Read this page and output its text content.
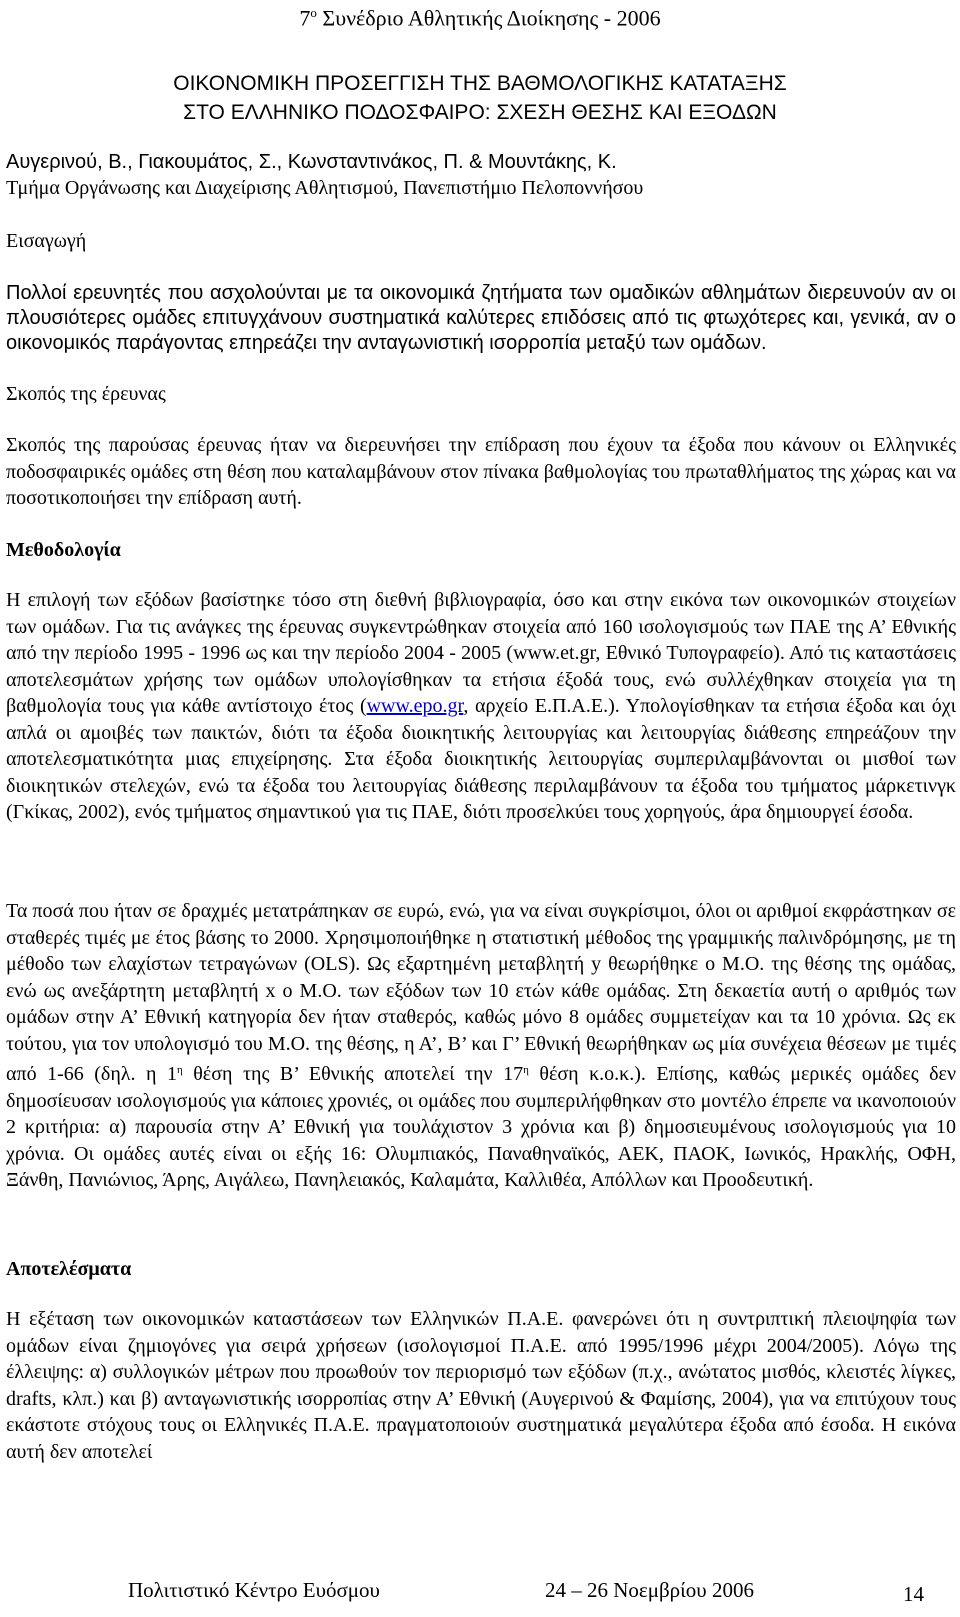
$7^o$ Συνέδριο Αθλητικής Διοίκησης - 2006
ΟΙΚΟΝΟΜΙΚΗ ΠΡΟΣΕΓΓΙΣΗ ΤΗΣ ΒΑΘΜΟΛΟΓΙΚΗΣ ΚΑΤΑΤΑΞΗΣ
ΣΤΟ ΕΛΛΗΝΙΚΟ ΠΟΔΟΣΦΑΙΡΟ: ΣΧΕΣΗ ΘΕΣΗΣ ΚΑΙ ΕΞΟΔΩΝ
Αυγερινού, Β., Γιακουμάτος, Σ., Κωνσταντινάκος, Π. & Μουντάκης, Κ.
Τμήμα Οργάνωσης και Διαχείρισης Αθλητισμού, Πανεπιστήμιο Πελοποννήσου
Εισαγωγή
Πολλοί ερευνητές που ασχολούνται με τα οικονομικά ζητήματα των ομαδικών αθλημάτων διερευνούν αν οι πλουσιότερες ομάδες επιτυγχάνουν συστηματικά καλύτερες επιδόσεις από τις φτωχότερες και, γενικά, αν ο οικονομικός παράγοντας επηρεάζει την ανταγωνιστική ισορροπία μεταξύ των ομάδων.
Σκοπός της έρευνας
Σκοπός της παρούσας έρευνας ήταν να διερευνήσει την επίδραση που έχουν τα έξοδα που κάνουν οι Ελληνικές ποδοσφαιρικές ομάδες στη θέση που καταλαμβάνουν στον πίνακα βαθμολογίας του πρωταθλήματος της χώρας και να ποσοτικοποιήσει την επίδραση αυτή.
Μεθοδολογία
Η επιλογή των εξόδων βασίστηκε τόσο στη διεθνή βιβλιογραφία, όσο και στην εικόνα των οικονομικών στοιχείων των ομάδων. Για τις ανάγκες της έρευνας συγκεντρώθηκαν στοιχεία από 160 ισολογισμούς των ΠΑΕ της Α’ Εθνικής από την περίοδο 1995 - 1996 ως και την περίοδο 2004 - 2005 (www.et.gr, Εθνικό Τυπογραφείο). Από τις καταστάσεις αποτελεσμάτων χρήσης των ομάδων υπολογίσθηκαν τα ετήσια έξοδά τους, ενώ συλλέχθηκαν στοιχεία για τη βαθμολογία τους για κάθε αντίστοιχο έτος (www.epo.gr, αρχείο Ε.Π.Α.Ε.). Υπολογίσθηκαν τα ετήσια έξοδα και όχι απλά οι αμοιβές των παικτών, διότι τα έξοδα διοικητικής λειτουργίας και λειτουργίας διάθεσης επηρεάζουν την αποτελεσματικότητα μιας επιχείρησης. Στα έξοδα διοικητικής λειτουργίας συμπεριλαμβάνονται οι μισθοί των διοικητικών στελεχών, ενώ τα έξοδα του λειτουργίας διάθεσης περιλαμβάνουν τα έξοδα του τμήματος μάρκετινγκ (Γκίκας, 2002), ενός τμήματος σημαντικού για τις ΠΑΕ, διότι προσελκύει τους χορηγούς, άρα δημιουργεί έσοδα.
Τα ποσά που ήταν σε δραχμές μετατράπηκαν σε ευρώ, ενώ, για να είναι συγκρίσιμοι, όλοι οι αριθμοί εκφράστηκαν σε σταθερές τιμές με έτος βάσης το 2000. Χρησιμοποιήθηκε η στατιστική μέθοδος της γραμμικής παλινδρόμησης, με τη μέθοδο των ελαχίστων τετραγώνων (OLS). Ως εξαρτημένη μεταβλητή y θεωρήθηκε ο Μ.Ο. της θέσης της ομάδας, ενώ ως ανεξάρτητη μεταβλητή x ο Μ.Ο. των εξόδων των 10 ετών κάθε ομάδας. Στη δεκαετία αυτή ο αριθμός των ομάδων στην Α’ Εθνική κατηγορία δεν ήταν σταθερός, καθώς μόνο 8 ομάδες συμμετείχαν και τα 10 χρόνια. Ως εκ τούτου, για τον υπολογισμό του Μ.Ο. της θέσης, η Α’, Β’ και Γ’ Εθνική θεωρήθηκαν ως μία συνέχεια θέσεων με τιμές από 1-66 (δηλ. η $1^\eta$ θέση της Β’ Εθνικής αποτελεί την $17^\eta$ θέση κ.ο.κ.). Επίσης, καθώς μερικές ομάδες δεν δημοσίευσαν ισολογισμούς για κάποιες χρονιές, οι ομάδες που συμπεριλήφθηκαν στο μοντέλο έπρεπε να ικανοποιούν 2 κριτήρια: α) παρουσία στην Α’ Εθνική για τουλάχιστον 3 χρόνια και β) δημοσιευμένους ισολογισμούς για 10 χρόνια. Οι ομάδες αυτές είναι οι εξής 16: Ολυμπιακός, Παναθηναϊκός, ΑΕΚ, ΠΑΟΚ, Ιωνικός, Ηρακλής, ΟΦΗ, Ξάνθη, Πανιώνιος, Άρης, Αιγάλεω, Πανηλειακός, Καλαμάτα, Καλλιθέα, Απόλλων και Προοδευτική.
Αποτελέσματα
Η εξέταση των οικονομικών καταστάσεων των Ελληνικών Π.Α.Ε. φανερώνει ότι η συντριπτική πλειοψηφία των ομάδων είναι ζημιογόνες για σειρά χρήσεων (ισολογισμοί Π.Α.Ε. από 1995/1996 μέχρι 2004/2005). Λόγω της έλλειψης: α) συλλογικών μέτρων που προωθούν τον περιορισμό των εξόδων (π.χ., ανώτατος μισθός, κλειστές λίγκες, drafts, κλπ.) και β) ανταγωνιστικής ισορροπίας στην Α’ Εθνική (Αυγερινού & Φαμίσης, 2004), για να επιτύχουν τους εκάστοτε στόχους τους οι Ελληνικές Π.Α.Ε. πραγματοποιούν συστηματικά μεγαλύτερα έξοδα από έσοδα. Η εικόνα αυτή δεν αποτελεί
Πολιτιστικό Κέντρο Ευόσμου	24 – 26 Νοεμβρίου 2006	14
